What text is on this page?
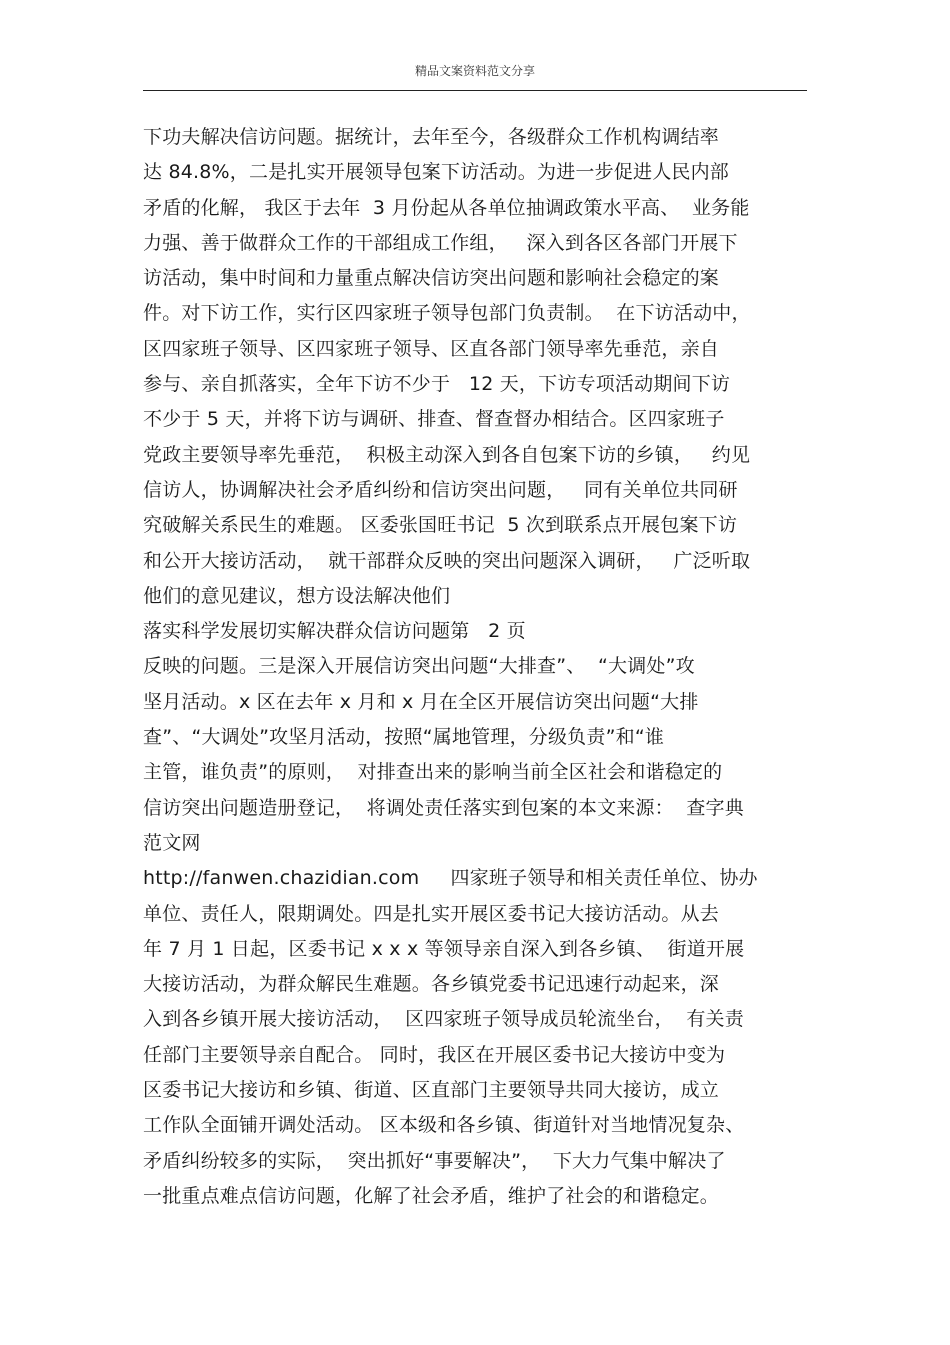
精品文案资料范文分享
下功夫解决信访问题。据统计，去年至今，各级群众工作机构调结率
达 84.8%，二是扎实开展领导包案下访活动。为进一步促进人民内部
矛盾的化解， 我区于去年  3 月份起从各单位抽调政策水平高、  业务能
力强、善于做群众工作的干部组成工作组，   深入到各区各部门开展下
访活动，集中时间和力量重点解决信访突出问题和影响社会稳定的案
件。对下访工作，实行区四家班子领导包部门负责制。  在下访活动中，
区四家班子领导、区四家班子领导、区直各部门领导率先垂范，亲自
参与、亲自抓落实，全年下访不少于   12 天，下访专项活动期间下访
不少于 5 天，并将下访与调研、排查、督查督办相结合。区四家班子
党政主要领导率先垂范，  积极主动深入到各自包案下访的乡镇，   约见
信访人，协调解决社会矛盾纠纷和信访突出问题，   同有关单位共同研
究破解关系民生的难题。 区委张国旺书记  5 次到联系点开展包案下访
和公开大接访活动，  就干部群众反映的突出问题深入调研，   广泛听取
他们的意见建议，想方设法解决他们
落实科学发展切实解决群众信访问题第   2 页
反映的问题。三是深入开展信访突出问题“大排查”、  “大调处”攻
坚月活动。x 区在去年 x 月和 x 月在全区开展信访突出问题“大排
查”、“大调处”攻坚月活动，按照“属地管理，分级负责”和“谁
主管，谁负责”的原则，  对排查出来的影响当前全区社会和谐稳定的
信访突出问题造册登记，  将调处责任落实到包案的本文来源：  查字典
范文网
http://fanwen.chazidian.com     四家班子领导和相关责任单位、协办
单位、责任人，限期调处。四是扎实开展区委书记大接访活动。从去
年 7 月 1 日起，区委书记 x x x 等领导亲自深入到各乡镇、  街道开展
大接访活动，为群众解民生难题。各乡镇党委书记迅速行动起来，深
入到各乡镇开展大接访活动，  区四家班子领导成员轮流坐台，  有关责
任部门主要领导亲自配合。 同时，我区在开展区委书记大接访中变为
区委书记大接访和乡镇、街道、区直部门主要领导共同大接访，成立
工作队全面铺开调处活动。 区本级和各乡镇、街道针对当地情况复杂、
矛盾纠纷较多的实际，  突出抓好“事要解决”，  下大力气集中解决了
一批重点难点信访问题，化解了社会矛盾，维护了社会的和谐稳定。
